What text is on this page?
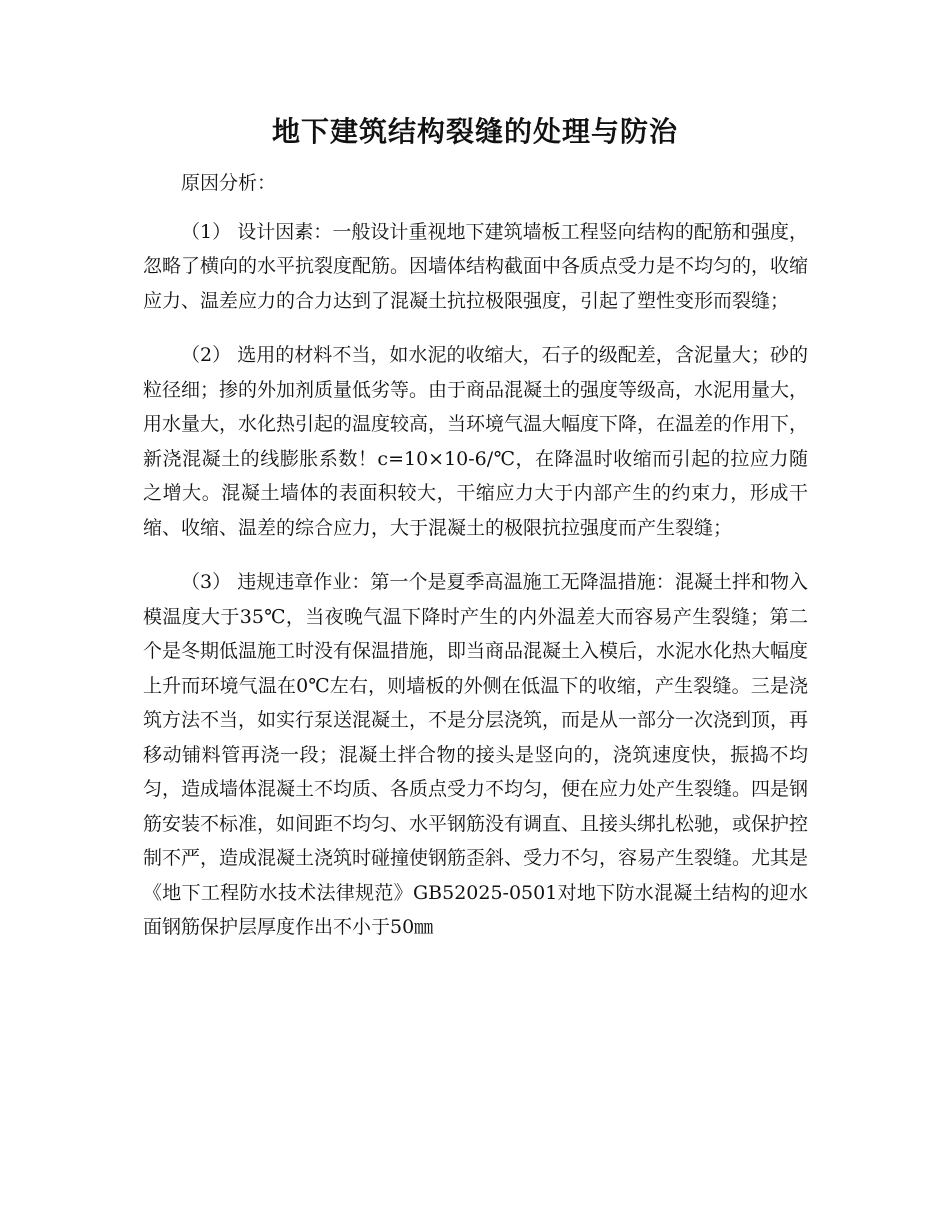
地下建筑结构裂缝的处理与防治

原因分析：

（1） 设计因素：一般设计重视地下建筑墙板工程竖向结构的配筋和强度，忽略了横向的水平抗裂度配筋。因墙体结构截面中各质点受力是不均匀的，收缩应力、温差应力的合力达到了混凝土抗拉极限强度，引起了塑性变形而裂缝；

（2） 选用的材料不当，如水泥的收缩大，石子的级配差，含泥量大；砂的粒径细；掺的外加剂质量低劣等。由于商品混凝土的强度等级高，水泥用量大，用水量大，水化热引起的温度较高，当环境气温大幅度下降，在温差的作用下，新浇混凝土的线膨胀系数！c=10×10-6/℃，在降温时收缩而引起的拉应力随之增大。混凝土墙体的表面积较大，干缩应力大于内部产生的约束力，形成干缩、收缩、温差的综合应力，大于混凝土的极限抗拉强度而产生裂缝；

（3） 违规违章作业：第一个是夏季高温施工无降温措施：混凝土拌和物入模温度大于35℃，当夜晚气温下降时产生的内外温差大而容易产生裂缝；第二个是冬期低温施工时没有保温措施，即当商品混凝土入模后，水泥水化热大幅度上升而环境气温在0℃左右，则墙板的外侧在低温下的收缩，产生裂缝。三是浇筑方法不当，如实行泵送混凝土，不是分层浇筑，而是从一部分一次浇到顶，再移动铺料管再浇一段；混凝土拌合物的接头是竖向的，浇筑速度快，振捣不均匀，造成墙体混凝土不均质、各质点受力不均匀，便在应力处产生裂缝。四是钢筋安装不标准，如间距不均匀、水平钢筋没有调直、且接头绑扎松驰，或保护控制不严，造成混凝土浇筑时碰撞使钢筋歪斜、受力不匀，容易产生裂缝。尤其是《地下工程防水技术法律规范》GB52025-0501对地下防水混凝土结构的迎水面钢筋保护层厚度作出不小于50㎜
